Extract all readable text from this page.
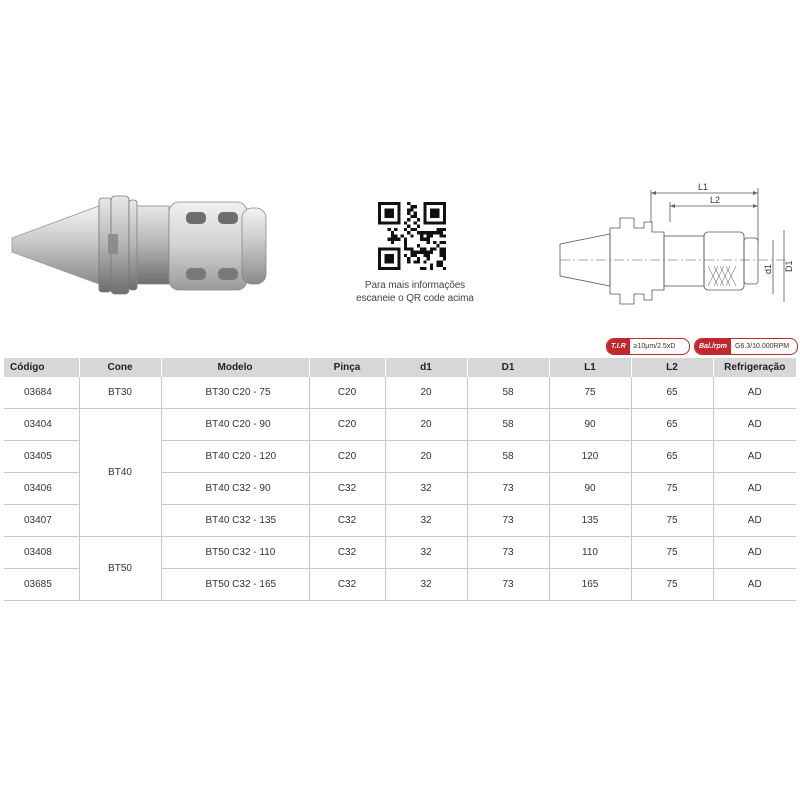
Para mais informações
escaneie o QR code acima
L1
L2
d1 D1
T.I.R	≥10μm/2.5xD	Bal./rpm	G6.3/10.000RPM
Código	Cone	Modelo	Pinça	d1	D1	L1	L2	Refrigeração
03684	BT30	BT30 C20 - 75	C20	20	58	75	65	AD
03404	BT40	BT40 C20 - 90	C20	20	58	90	65	AD
03405		BT40 C20 - 120	C20	20	58	120	65	AD
03406		BT40 C32 - 90	C32	32	73	90	75	AD
03407		BT40 C32 - 135	C32	32	73	135	75	AD
03408	BT50	BT50 C32 - 110	C32	32	73	110	75	AD
03685		BT50 C32 - 165	C32	32	73	165	75	AD
